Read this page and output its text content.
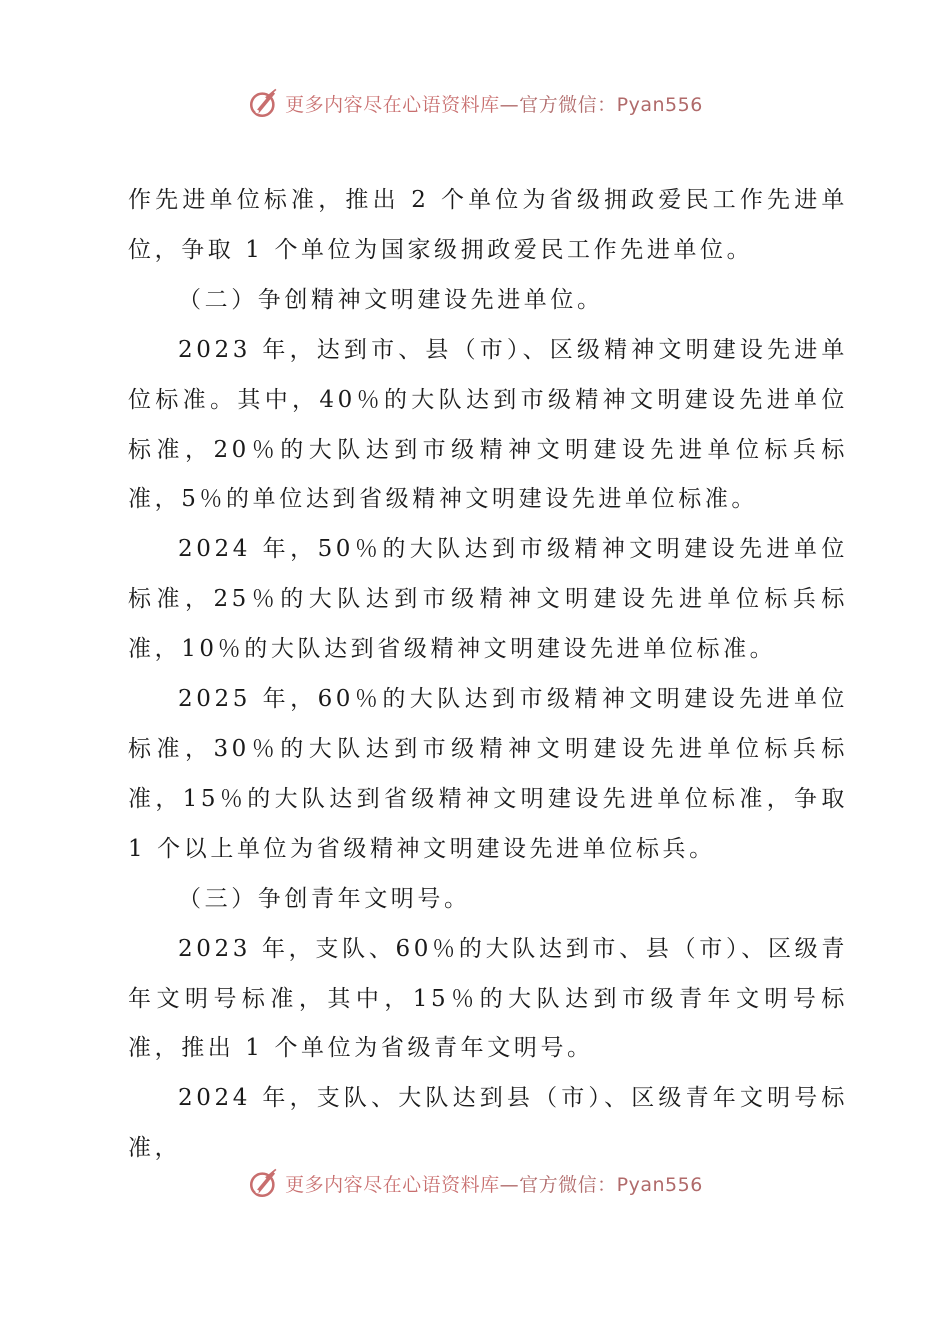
更多内容尽在心语资料库 —官方微信：Pyan556

作先进单位标准，推出 2 个单位为省级拥政爱民工作先进单位，争取 1 个单位为国家级拥政爱民工作先进单位。

（二）争创精神文明建设先进单位。

2023 年，达到市、县（市）、区级精神文明建设先进单位标准。其中，40％的大队达到市级精神文明建设先进单位标准，20％的大队达到市级精神文明建设先进单位标兵标准，5％的单位达到省级精神文明建设先进单位标准。

2024 年，50％的大队达到市级精神文明建设先进单位标准，25％的大队达到市级精神文明建设先进单位标兵标准，10％的大队达到省级精神文明建设先进单位标准。

2025 年，60％的大队达到市级精神文明建设先进单位标准，30％的大队达到市级精神文明建设先进单位标兵标准，15％的大队达到省级精神文明建设先进单位标准，争取 1 个以上单位为省级精神文明建设先进单位标兵。

（三）争创青年文明号。

2023 年，支队、60％的大队达到市、县（市）、区级青年文明号标准，其中，15％的大队达到市级青年文明号标准，推出 1 个单位为省级青年文明号。

2024 年，支队、大队达到县（市）、区级青年文明号标准，

更多内容尽在心语资料库 —官方微信：Pyan556
